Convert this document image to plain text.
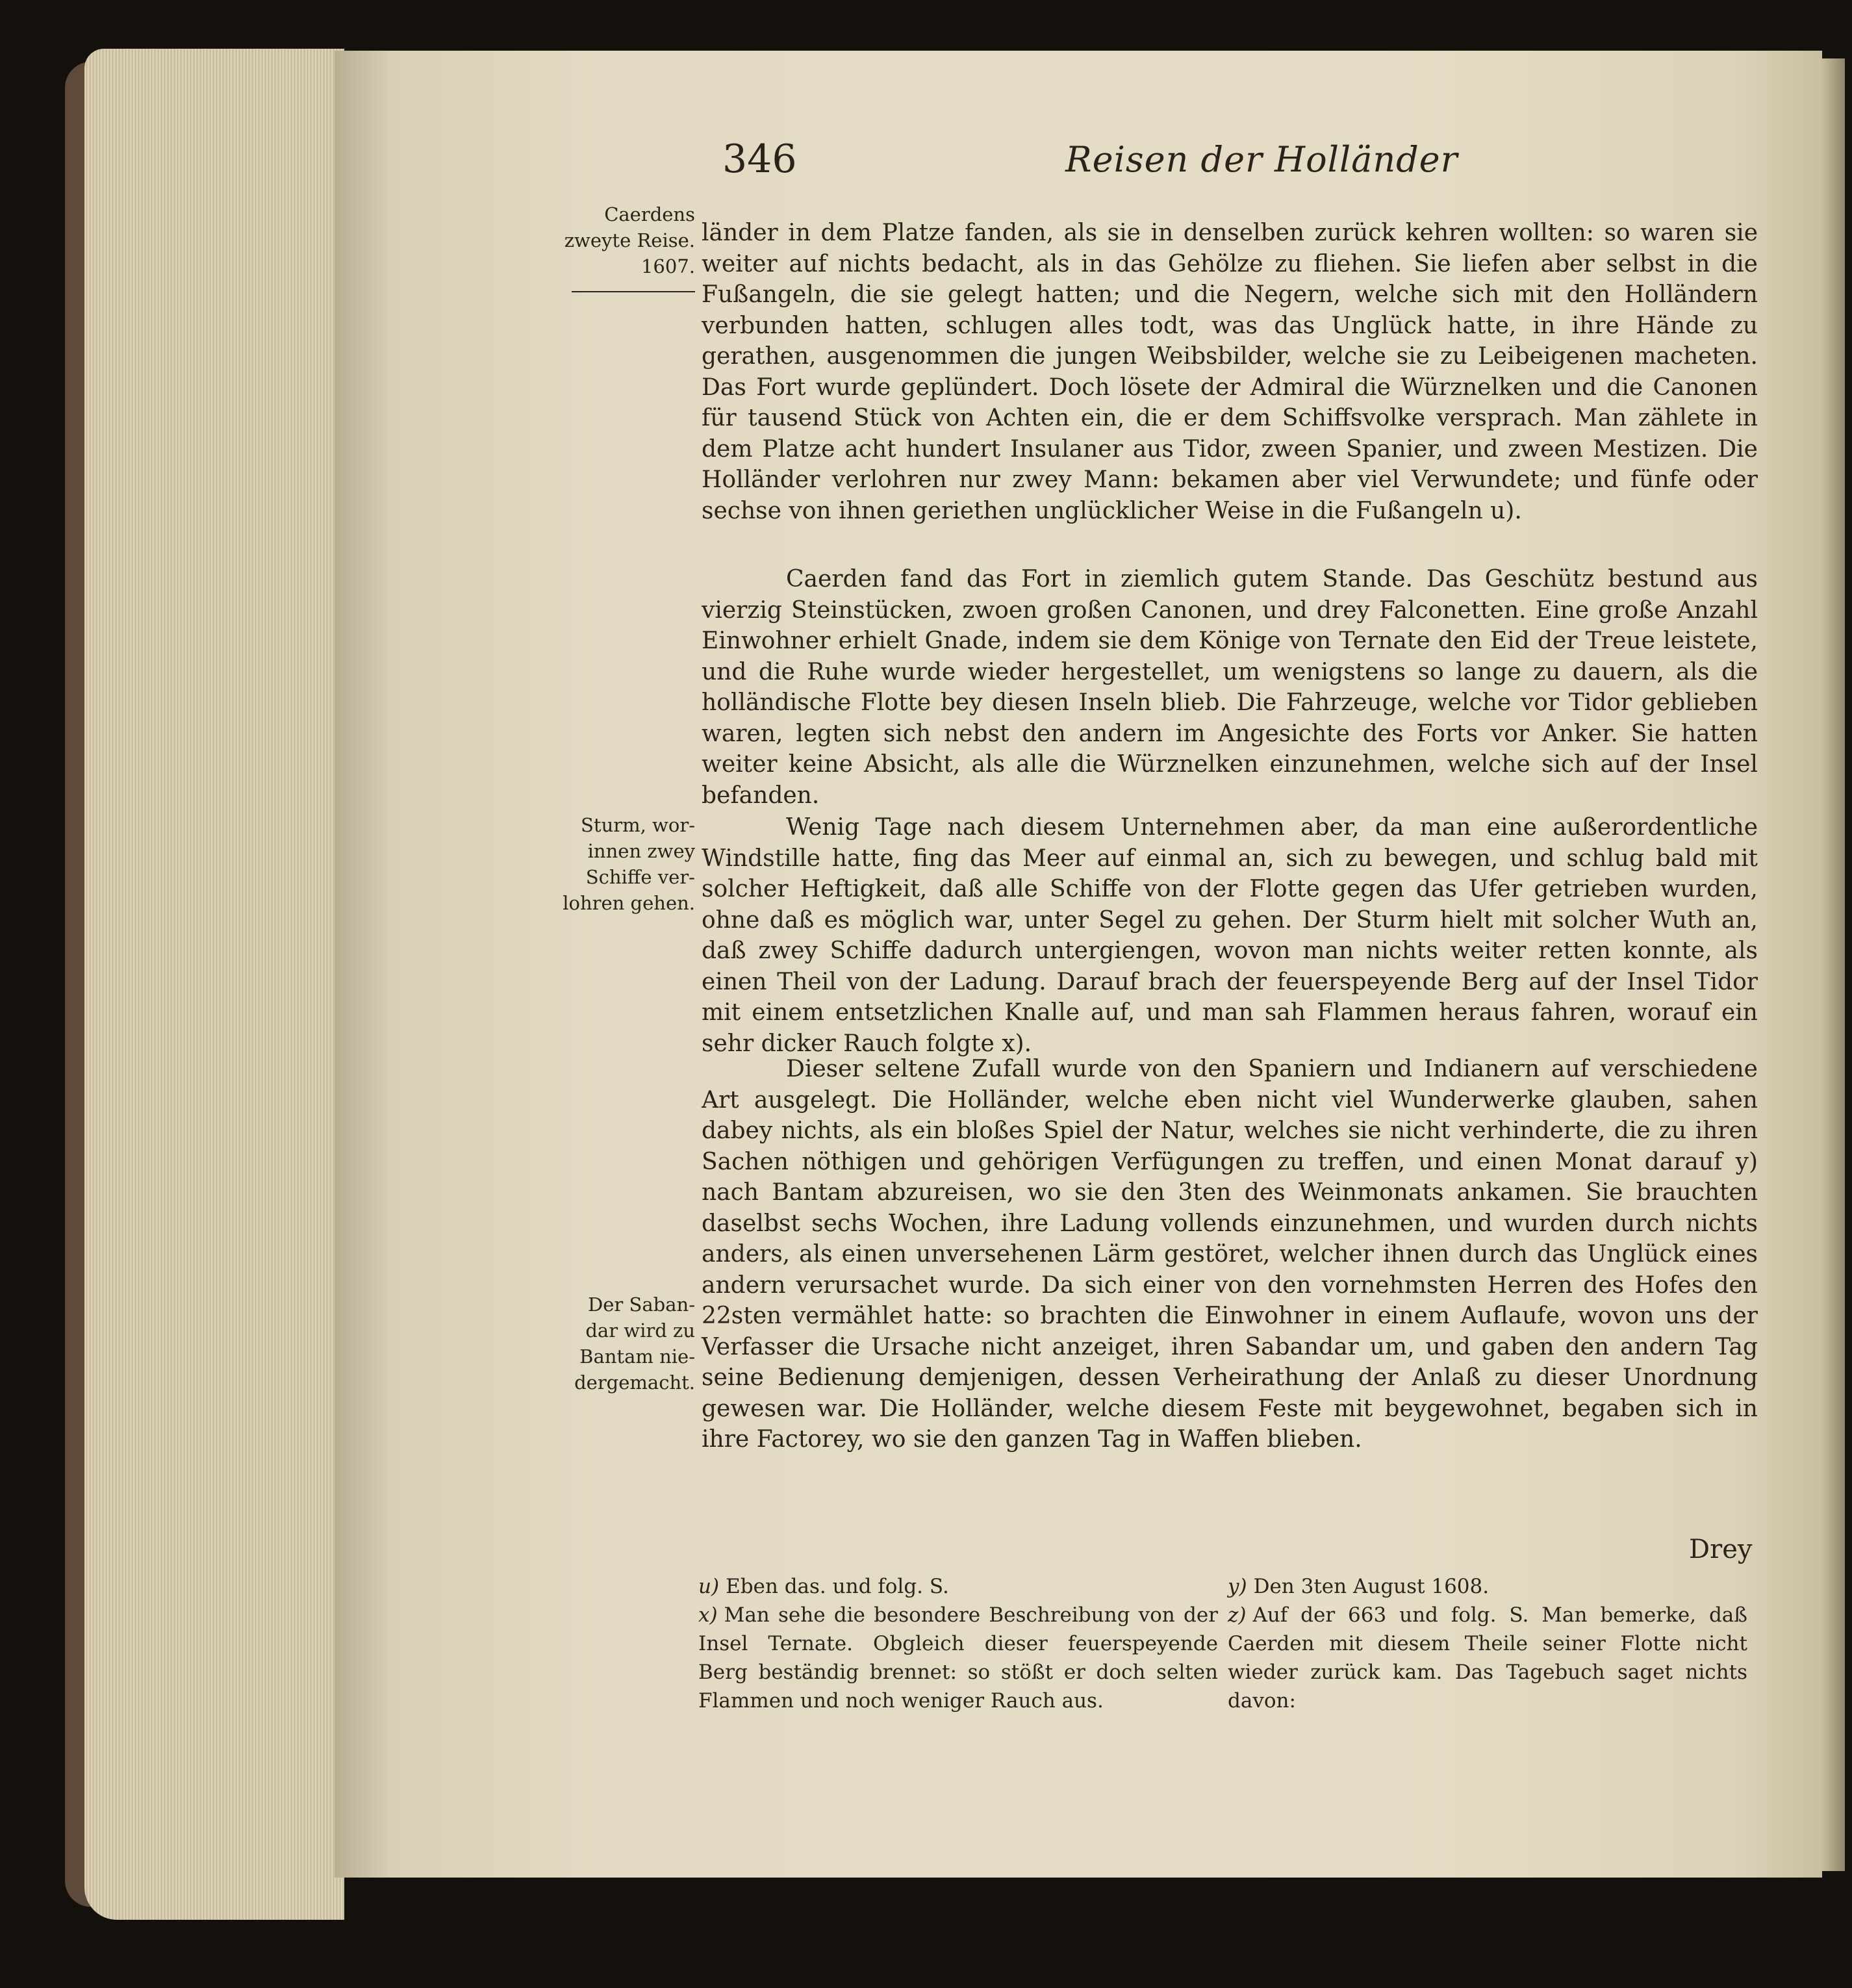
346	Reisen der Holländer
Caerdens
zweyte Reise.
1607.
Sturm, wor-
innen zwey
Schiffe ver-
lohren gehen.
Der Saban-
dar wird zu
Bantam nie-
dergemacht.
länder in dem Platze fanden, als sie in denselben zurück kehren wollten: so waren sie weiter auf nichts bedacht, als in das Gehölze zu fliehen. Sie liefen aber selbst in die Fußangeln, die sie gelegt hatten; und die Negern, welche sich mit den Holländern verbunden hatten, schlugen alles todt, was das Unglück hatte, in ihre Hände zu gerathen, ausgenommen die jungen Weibsbilder, welche sie zu Leibeigenen macheten. Das Fort wurde geplündert. Doch lösete der Admiral die Würznelken und die Canonen für tausend Stück von Achten ein, die er dem Schiffsvolke versprach. Man zählete in dem Platze acht hundert Insulaner aus Tidor, zween Spanier, und zween Mestizen. Die Holländer verlohren nur zwey Mann: bekamen aber viel Verwundete; und fünfe oder sechse von ihnen geriethen unglücklicher Weise in die Fußangeln u).
Caerden fand das Fort in ziemlich gutem Stande. Das Geschütz bestund aus vierzig Steinstücken, zwoen großen Canonen, und drey Falconetten. Eine große Anzahl Einwohner erhielt Gnade, indem sie dem Könige von Ternate den Eid der Treue leistete, und die Ruhe wurde wieder hergestellet, um wenigstens so lange zu dauern, als die holländische Flotte bey diesen Inseln blieb. Die Fahrzeuge, welche vor Tidor geblieben waren, legten sich nebst den andern im Angesichte des Forts vor Anker. Sie hatten weiter keine Absicht, als alle die Würznelken einzunehmen, welche sich auf der Insel befanden.
Wenig Tage nach diesem Unternehmen aber, da man eine außerordentliche Windstille hatte, fing das Meer auf einmal an, sich zu bewegen, und schlug bald mit solcher Heftigkeit, daß alle Schiffe von der Flotte gegen das Ufer getrieben wurden, ohne daß es möglich war, unter Segel zu gehen. Der Sturm hielt mit solcher Wuth an, daß zwey Schiffe dadurch untergiengen, wovon man nichts weiter retten konnte, als einen Theil von der Ladung. Darauf brach der feuerspeyende Berg auf der Insel Tidor mit einem entsetzlichen Knalle auf, und man sah Flammen heraus fahren, worauf ein sehr dicker Rauch folgte x).
Dieser seltene Zufall wurde von den Spaniern und Indianern auf verschiedene Art ausgelegt. Die Holländer, welche eben nicht viel Wunderwerke glauben, sahen dabey nichts, als ein bloßes Spiel der Natur, welches sie nicht verhinderte, die zu ihren Sachen nöthigen und gehörigen Verfügungen zu treffen, und einen Monat darauf y) nach Bantam abzureisen, wo sie den 3ten des Weinmonats ankamen. Sie brauchten daselbst sechs Wochen, ihre Ladung vollends einzunehmen, und wurden durch nichts anders, als einen unversehenen Lärm gestöret, welcher ihnen durch das Unglück eines andern verursachet wurde. Da sich einer von den vornehmsten Herren des Hofes den 22sten vermählet hatte: so brachten die Einwohner in einem Auflaufe, wovon uns der Verfasser die Ursache nicht anzeiget, ihren Sabandar um, und gaben den andern Tag seine Bedienung demjenigen, dessen Verheirathung der Anlaß zu dieser Unordnung gewesen war. Die Holländer, welche diesem Feste mit beygewohnet, begaben sich in ihre Factorey, wo sie den ganzen Tag in Waffen blieben.
Drey

u) Eben das. und folg. S.

x) Man sehe die besondere Beschreibung von der Insel Ternate. Obgleich dieser feuerspeyende Berg beständig brennet: so stößt er doch selten Flammen und noch weniger Rauch aus.

y) Den 3ten August 1608.

z) Auf der 663 und folg. S. Man bemerke, daß Caerden mit diesem Theile seiner Flotte nicht wieder zurück kam. Das Tagebuch saget nichts davon:
